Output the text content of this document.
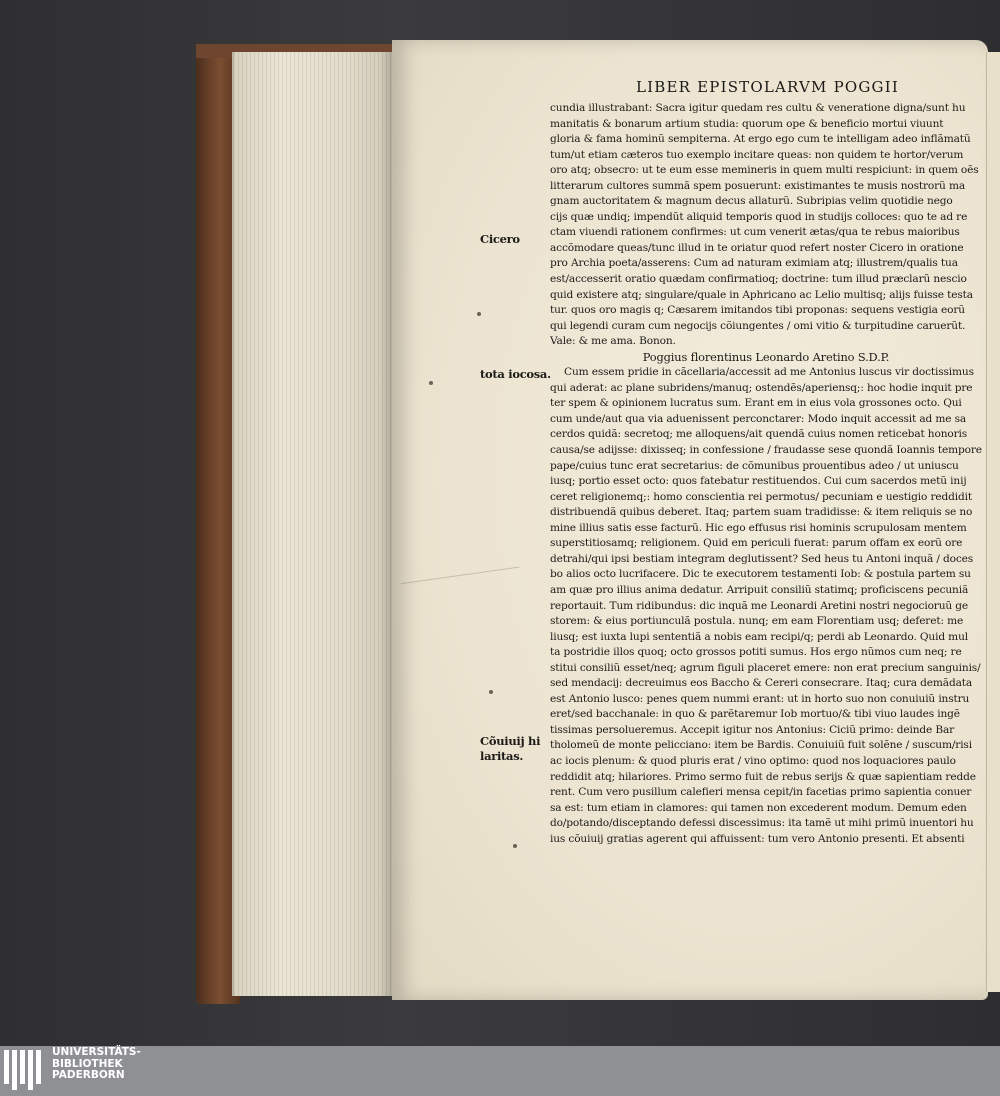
LIBER EPISTOLARVM POGGII
cundia illustrabant: Sacra igitur quedam res cultu & veneratione digna/sunt hu
manitatis & bonarum artium studia: quorum ope & beneficio mortui viuunt
gloria & fama hominũ sempiterna. At ergo ego cum te intelligam adeo inflãmatũ
tum/ut etiam cæteros tuo exemplo incitare queas: non quidem te hortor/verum
oro atq; obsecro: ut te eum esse memineris in quem multi respiciunt: in quem oẽs
litterarum cultores summã spem posuerunt: existimantes te musis nostrorũ ma
gnam auctoritatem & magnum decus allaturũ. Subripias velim quotidie nego
cijs quæ undiq; impendũt aliquid temporis quod in studijs colloces: quo te ad re
ctam viuendi rationem confirmes: ut cum venerit ætas/qua te rebus maioribus
accõmodare queas/tunc illud in te oriatur quod refert noster Cicero in oratione
pro Archia poeta/asserens: Cum ad naturam eximiam atq; illustrem/qualis tua
est/accesserit oratio quædam confirmatioq; doctrine: tum illud præclarũ nescio
quid existere atq; singulare/quale in Aphricano ac Lelio multisq; alijs fuisse testa
tur. quos oro magis q; Cæsarem imitandos tibi proponas: sequens vestigia eorũ
qui legendi curam cum negocijs cõiungentes / omi vitio & turpitudine caruerũt.
Vale: & me ama. Bonon.
Poggius florentinus Leonardo Aretino S.D.P.
Cum essem pridie in cãcellaria/accessit ad me Antonius luscus vir doctissimus
qui aderat: ac plane subridens/manuq; ostendẽs/aperiensq;: hoc hodie inquit pre
ter spem & opinionem lucratus sum. Erant em in eius vola grossones octo. Qui
cum unde/aut qua via aduenissent perconctarer: Modo inquit accessit ad me sa
cerdos quidã: secretoq; me alloquens/ait quendã cuius nomen reticebat honoris
causa/se adijsse: dixisseq; in confessione / fraudasse sese quondã Ioannis tempore
pape/cuius tunc erat secretarius: de cõmunibus prouentibus adeo / ut uniuscu
iusq; portio esset octo: quos fatebatur restituendos. Cui cum sacerdos metũ inij
ceret religionemq;: homo conscientia rei permotus/ pecuniam e uestigio reddidit
distribuendã quibus deberet. Itaq; partem suam tradidisse: & item reliquis se no
mine illius satis esse facturũ. Hic ego effusus risi hominis scrupulosam mentem
superstitiosamq; religionem. Quid em periculi fuerat: parum offam ex eorũ ore
detrahi/qui ipsi bestiam integram deglutissent? Sed heus tu Antoni inquã / doces
bo alios octo lucrifacere. Dic te executorem testamenti Iob: & postula partem su
am quæ pro illius anima dedatur. Arripuit consiliũ statimq; proficiscens pecuniã
reportauit. Tum ridibundus: dic inquã me Leonardi Aretini nostri negocioruũ ge
storem: & eius portiunculã postula. nunq; em eam Florentiam usq; deferet: me
liusq; est iuxta lupi sententiã a nobis eam recipi/q; perdi ab Leonardo. Quid mul
ta postridie illos quoq; octo grossos potiti sumus. Hos ergo nũmos cum neq; re
stitui consiliũ esset/neq; agrum figuli placeret emere: non erat precium sanguinis/
sed mendacij: decreuimus eos Baccho & Cereri consecrare. Itaq; cura demãdata
est Antonio lusco: penes quem nummi erant: ut in horto suo non conuiuiũ instru
eret/sed bacchanale: in quo & parẽtaremur Iob mortuo/& tibi viuo laudes ingẽ
tissimas persolueremus. Accepit igitur nos Antonius: Ciciũ primo: deinde Bar
tholomeũ de monte pelicciano: item be Bardis. Conuiuiũ fuit solẽne / suscum/risi
ac iocis plenum: & quod pluris erat / vino optimo: quod nos loquaciores paulo
reddidit atq; hilariores. Primo sermo fuit de rebus serijs & quæ sapientiam redde
rent. Cum vero pusillum calefieri mensa cepit/in facetias primo sapientia conuer
sa est: tum etiam in clamores: qui tamen non excederent modum. Demum eden
do/potando/disceptando defessi discessimus: ita tamẽ ut mihi primũ inuentori hu
ius cõuiuij gratias agerent qui affuissent: tum vero Antonio presenti. Et absenti
Cicero
tota iocosa.
Cõuiuij hi
laritas.
UNIVERSITÄTS-
BIBLIOTHEK
PADERBORN
